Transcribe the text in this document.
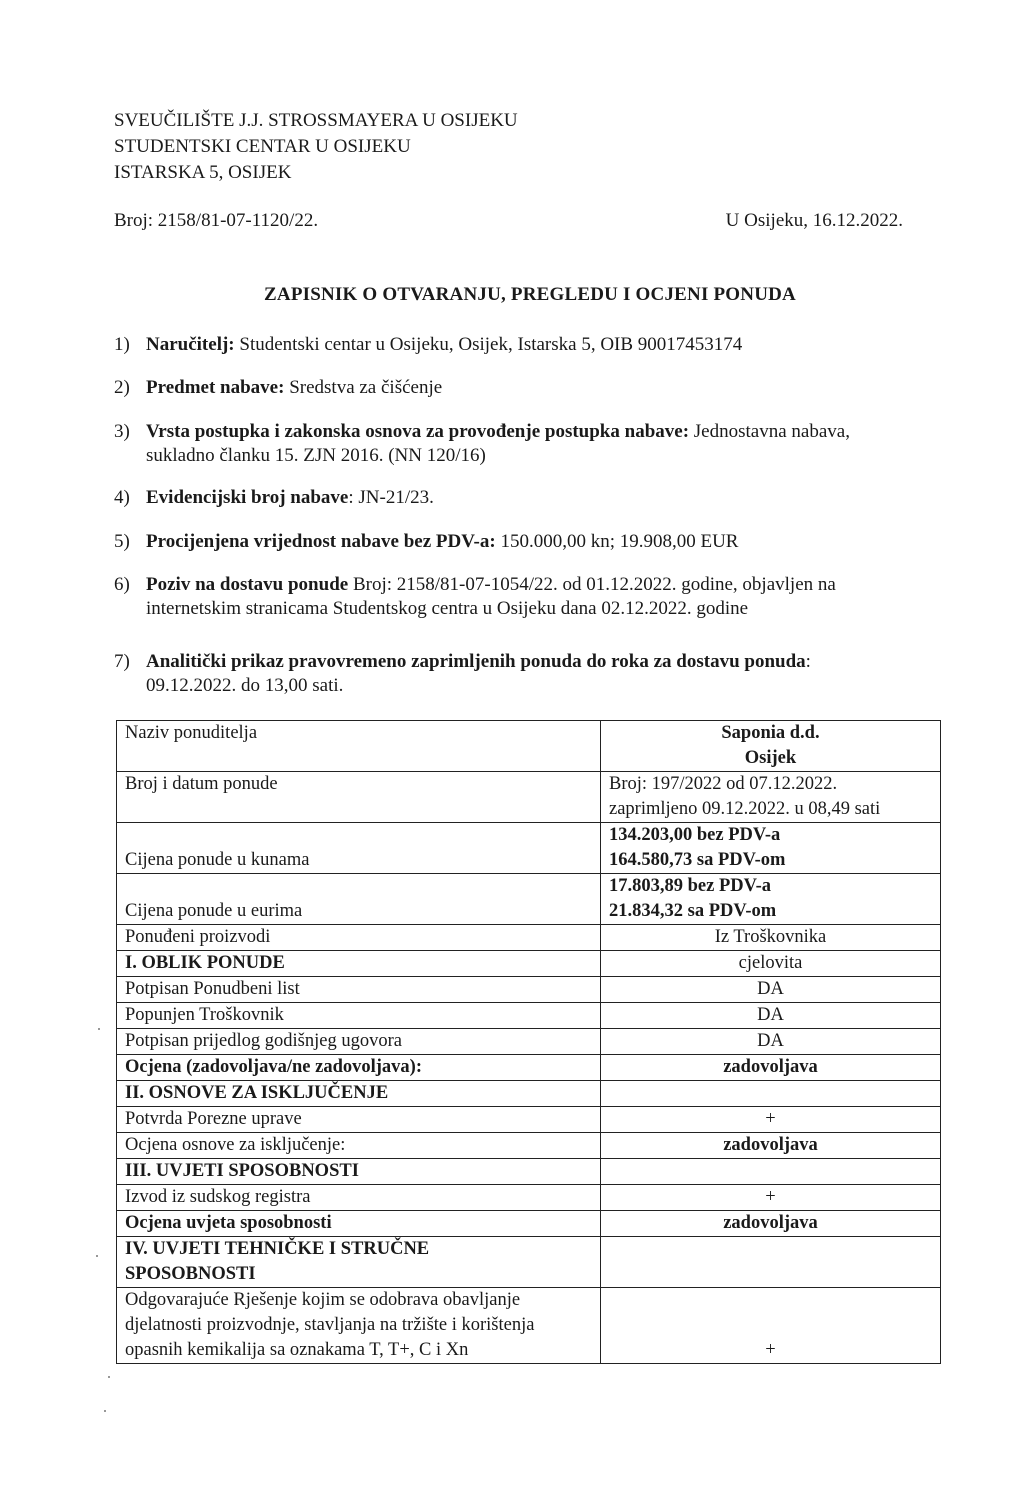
SVEUČILIŠTE J.J. STROSSMAYERA U OSIJEKU
STUDENTSKI CENTAR U OSIJEKU
ISTARSKA 5, OSIJEK
Broj: 2158/81-07-1120/22.	U Osijeku, 16.12.2022.
ZAPISNIK O OTVARANJU, PREGLEDU I OCJENI PONUDA
1) Naručitelj: Studentski centar u Osijeku, Osijek, Istarska 5, OIB 90017453174
2) Predmet nabave: Sredstva za čišćenje
3) Vrsta postupka i zakonska osnova za provođenje postupka nabave: Jednostavna nabava, sukladno članku 15. ZJN 2016. (NN 120/16)
4) Evidencijski broj nabave: JN-21/23.
5) Procijenjena vrijednost nabave bez PDV-a: 150.000,00 kn; 19.908,00 EUR
6) Poziv na dostavu ponude Broj: 2158/81-07-1054/22. od 01.12.2022. godine, objavljen na internetskim stranicama Studentskog centra u Osijeku dana 02.12.2022. godine
7) Analitički prikaz pravovremeno zaprimljenih ponuda do roka za dostavu ponuda: 09.12.2022. do 13,00 sati.
Naziv ponuditelja	Saponia d.d.
Osijek

Broj i datum ponude	Broj: 197/2022 od 07.12.2022.
zaprimljeno 09.12.2022. u 08,49 sati

Cijena ponude u kunama	134.203,00 bez PDV-a
164.580,73 sa PDV-om

Cijena ponude u eurima	17.803,89 bez PDV-a
21.834,32 sa PDV-om

Ponuđeni proizvodi	Iz Troškovnika
I. OBLIK PONUDE	cjelovita
Potpisan Ponudbeni list	DA
Popunjen Troškovnik	DA
Potpisan prijedlog godišnjeg ugovora	DA
Ocjena (zadovoljava/ne zadovoljava):	zadovoljava
II. OSNOVE ZA ISKLJUČENJE	
Potvrda Porezne uprave	+
Ocjena osnove za isključenje:	zadovoljava
III. UVJETI SPOSOBNOSTI	
Izvod iz sudskog registra	+
Ocjena uvjeta sposobnosti	zadovoljava

IV. UVJETI TEHNIČKE I STRUČNE
SPOSOBNOSTI	

Odgovarajuće Rješenje kojim se odobrava obavljanje
djelatnosti proizvodnje, stavljanja na tržište i korištenja
opasnih kemikalija sa oznakama T, T+, C i Xn	+
